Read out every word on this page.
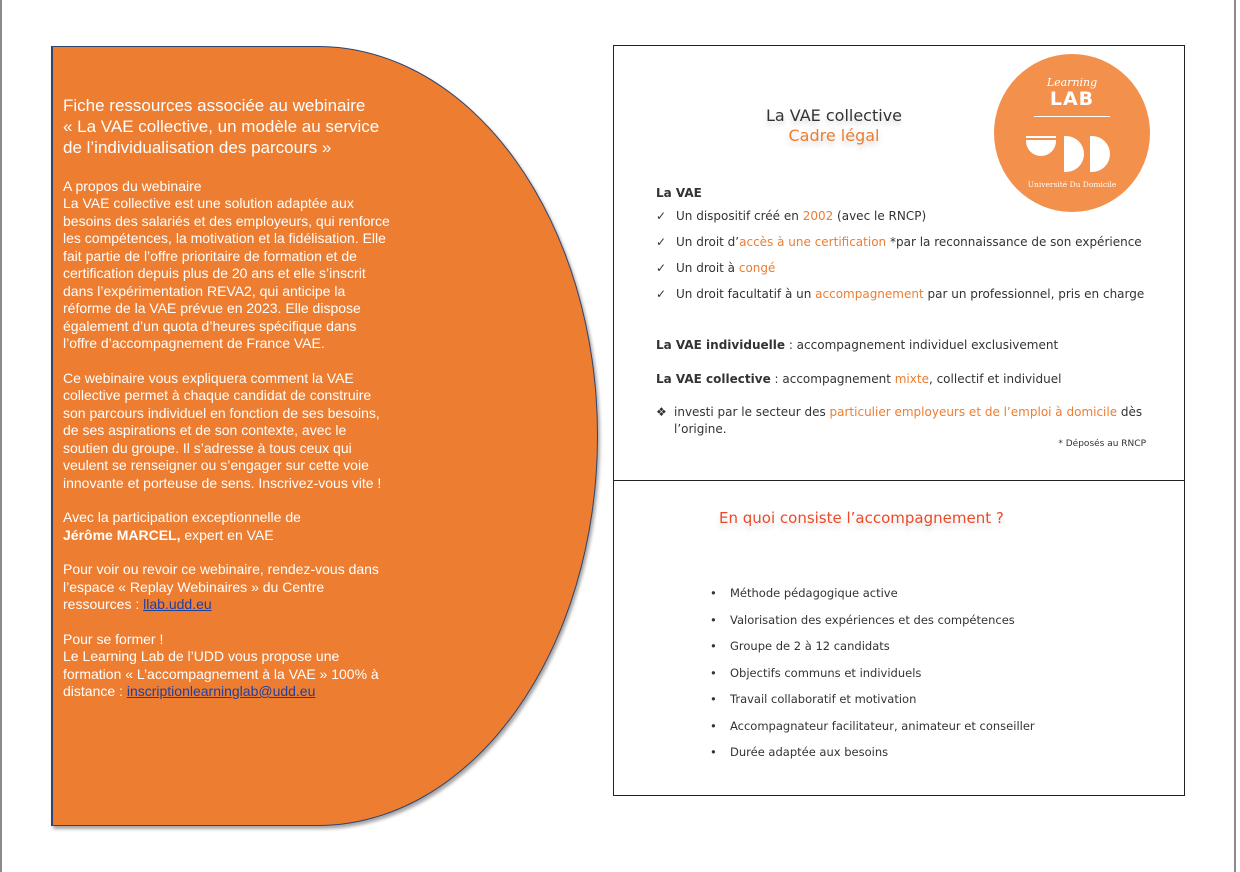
Fiche ressources associée au webinaire
« La VAE collective, un modèle au service de l’individualisation des parcours »
A propos du webinaire

La VAE collective est une solution adaptée aux besoins des salariés et des employeurs, qui renforce les compétences, la motivation et la fidélisation. Elle fait partie de l’offre prioritaire de formation et de certification depuis plus de 20 ans et elle s’inscrit dans l’expérimentation REVA2, qui anticipe la réforme de la VAE prévue en 2023. Elle dispose également d’un quota d’heures spécifique dans l’offre d’accompagnement de France VAE.

Ce webinaire vous expliquera comment la VAE collective permet à chaque candidat de construire son parcours individuel en fonction de ses besoins, de ses aspirations et de son contexte, avec le soutien du groupe. Il s’adresse à tous ceux qui veulent se renseigner ou s’engager sur cette voie innovante et porteuse de sens. Inscrivez-vous vite !

Avec la participation exceptionnelle de
Jérôme MARCEL, expert en VAE

Pour voir ou revoir ce webinaire, rendez-vous dans l’espace « Replay Webinaires » du Centre ressources : llab.udd.eu

Pour se former !
Le Learning Lab de l’UDD vous propose une formation « L’accompagnement à la VAE » 100% à distance : inscriptionlearninglab@udd.eu

La VAE collective
Cadre légal
Learning
LAB
Université Du Domicile
La VAE
✓ Un dispositif créé en 2002 (avec le RNCP)
✓ Un droit d’accès à une certification *par la reconnaissance de son expérience
✓ Un droit à congé
✓ Un droit facultatif à un accompagnement par un professionnel, pris en charge
La VAE individuelle : accompagnement individuel exclusivement
La VAE collective : accompagnement mixte, collectif et individuel
❖ investi par le secteur des particulier employeurs et de l’emploi à domicile dès
l’origine.
* Déposés au RNCP
En quoi consiste l’accompagnement ?
• Méthode pédagogique active
• Valorisation des expériences et des compétences
• Groupe de 2 à 12 candidats
• Objectifs communs et individuels
• Travail collaboratif et motivation
• Accompagnateur facilitateur, animateur et conseiller
• Durée adaptée aux besoins
